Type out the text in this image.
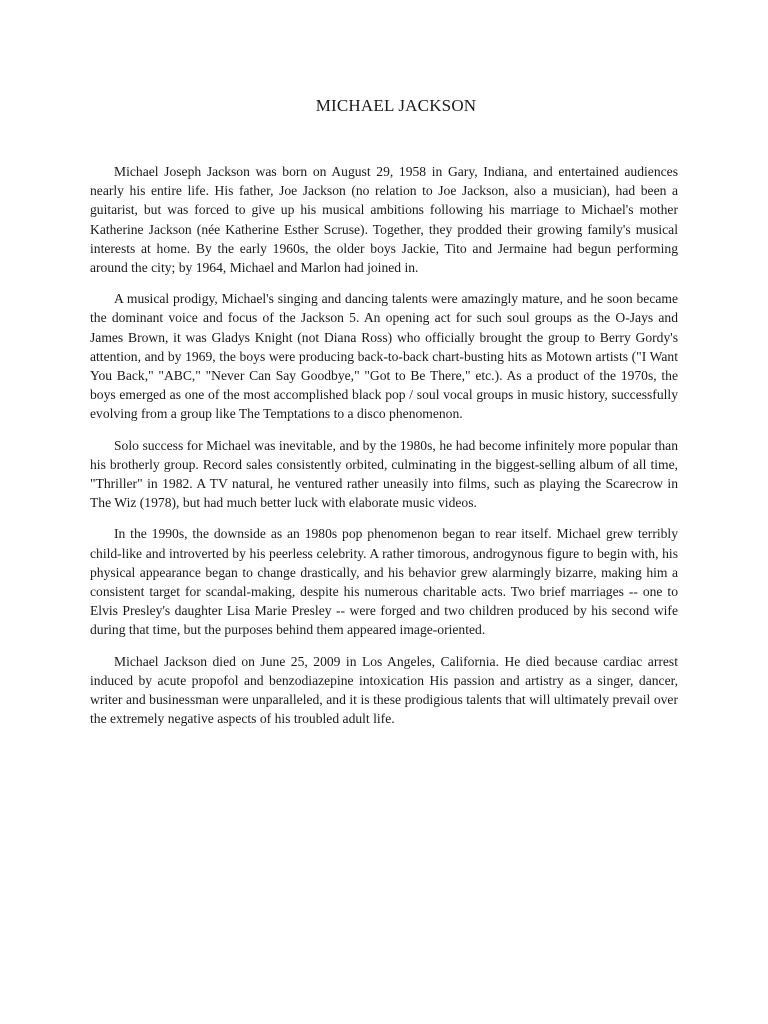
MICHAEL JACKSON

Michael Joseph Jackson was born on August 29, 1958 in Gary, Indiana, and entertained audiences nearly his entire life. His father, Joe Jackson (no relation to Joe Jackson, also a musician), had been a guitarist, but was forced to give up his musical ambitions following his marriage to Michael's mother Katherine Jackson (née Katherine Esther Scruse). Together, they prodded their growing family's musical interests at home. By the early 1960s, the older boys Jackie, Tito and Jermaine had begun performing around the city; by 1964, Michael and Marlon had joined in.

A musical prodigy, Michael's singing and dancing talents were amazingly mature, and he soon became the dominant voice and focus of the Jackson 5. An opening act for such soul groups as the O-Jays and James Brown, it was Gladys Knight (not Diana Ross) who officially brought the group to Berry Gordy's attention, and by 1969, the boys were producing back-to-back chart-busting hits as Motown artists ("I Want You Back," "ABC," "Never Can Say Goodbye," "Got to Be There," etc.). As a product of the 1970s, the boys emerged as one of the most accomplished black pop / soul vocal groups in music history, successfully evolving from a group like The Temptations to a disco phenomenon.

Solo success for Michael was inevitable, and by the 1980s, he had become infinitely more popular than his brotherly group. Record sales consistently orbited, culminating in the biggest-selling album of all time, "Thriller" in 1982. A TV natural, he ventured rather uneasily into films, such as playing the Scarecrow in The Wiz (1978), but had much better luck with elaborate music videos.

In the 1990s, the downside as an 1980s pop phenomenon began to rear itself. Michael grew terribly child-like and introverted by his peerless celebrity. A rather timorous, androgynous figure to begin with, his physical appearance began to change drastically, and his behavior grew alarmingly bizarre, making him a consistent target for scandal-making, despite his numerous charitable acts. Two brief marriages -- one to Elvis Presley's daughter Lisa Marie Presley -- were forged and two children produced by his second wife during that time, but the purposes behind them appeared image-oriented.

Michael Jackson died on June 25, 2009 in Los Angeles, California. He died because cardiac arrest induced by acute propofol and benzodiazepine intoxication His passion and artistry as a singer, dancer, writer and businessman were unparalleled, and it is these prodigious talents that will ultimately prevail over the extremely negative aspects of his troubled adult life.
